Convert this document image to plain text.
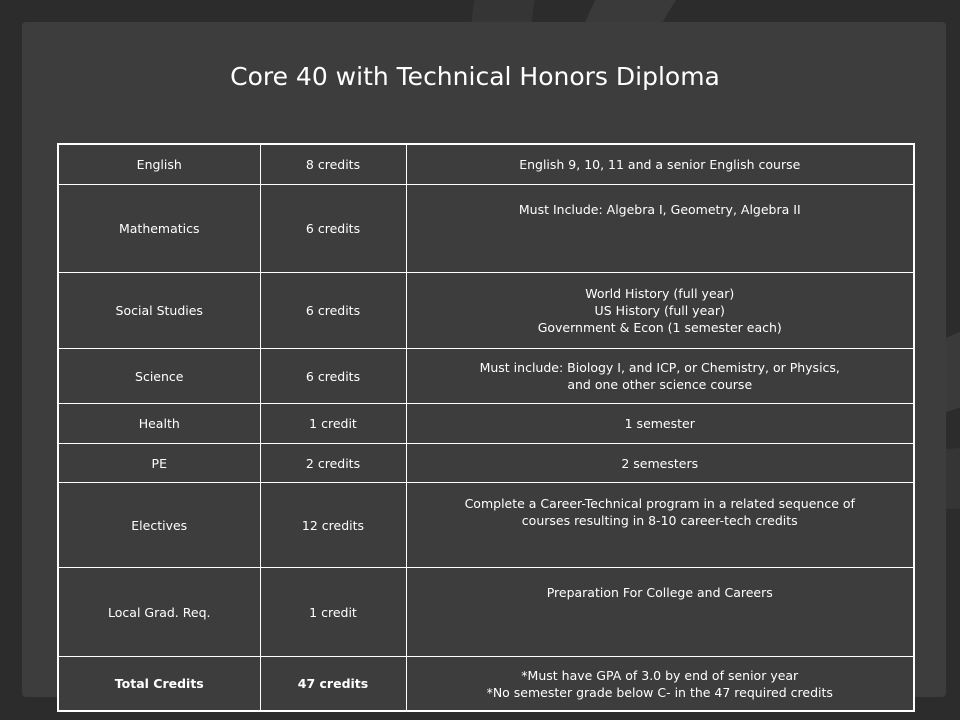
Core 40 with Technical Honors Diploma
English	8 credits	English 9, 10, 11 and a senior English course

Mathematics	6 credits	Must Include: Algebra I, Geometry, Algebra II

Social Studies	6 credits	World History (full year)
US History (full year)
Government & Econ (1 semester each)

Science	6 credits	Must include: Biology I, and ICP, or Chemistry, or Physics,
and one other science course

Health	1 credit	1 semester

PE	2 credits	2 semesters

Electives	12 credits	Complete a Career-Technical program in a related sequence of
courses resulting in 8-10 career-tech credits

Local Grad. Req.	1 credit	Preparation For College and Careers

Total Credits	47 credits	*Must have GPA of 3.0 by end of senior year
*No semester grade below C- in the 47 required credits
